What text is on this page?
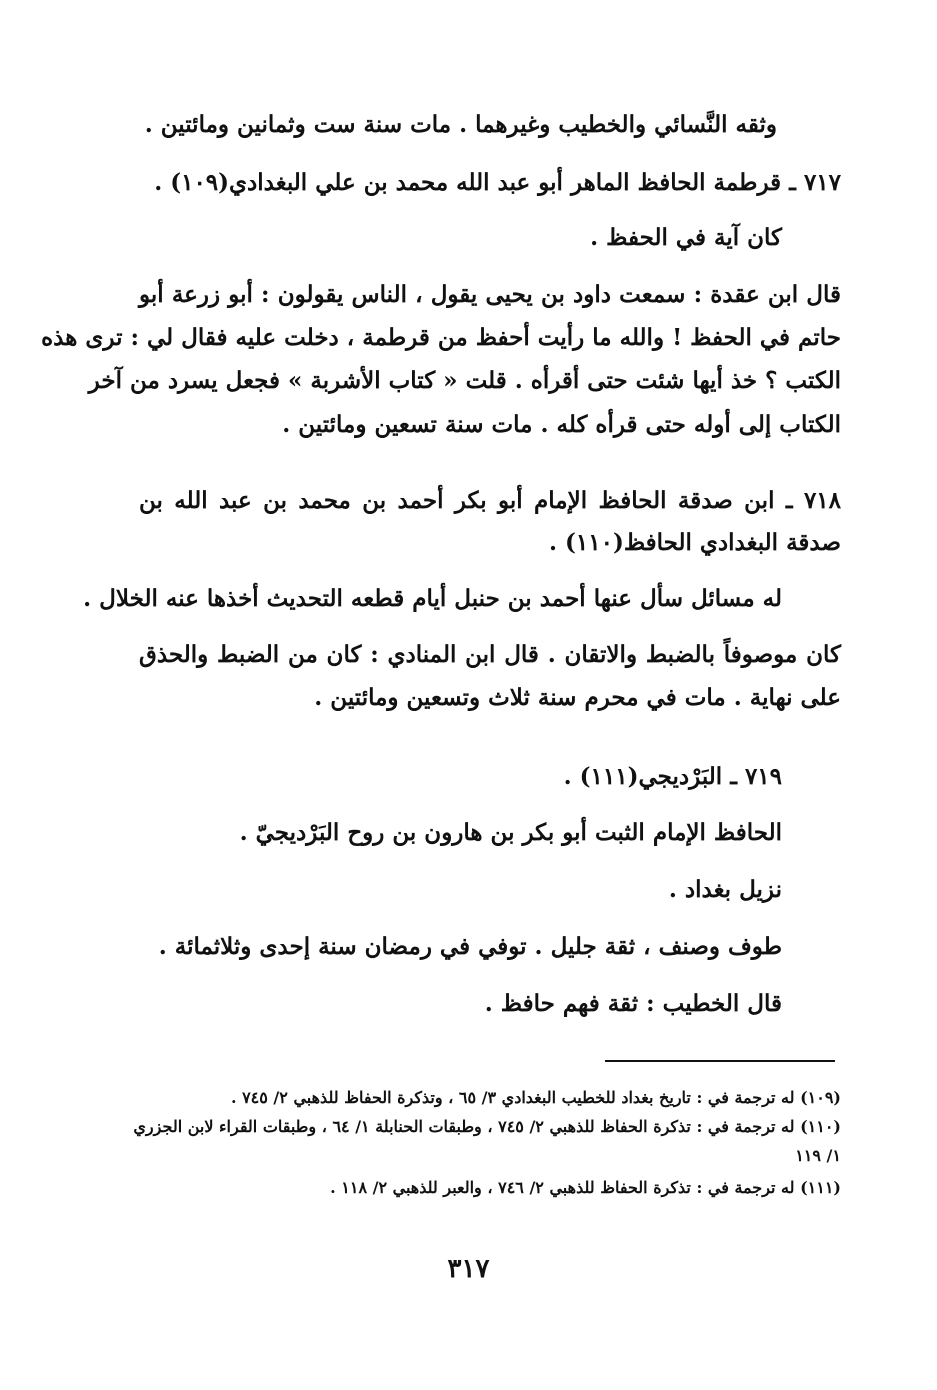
وثقه النَّسائي والخطيب وغيرهما . مات سنة ست وثمانين ومائتين .
٧١٧ ـ قرطمة الحافظ الماهر أبو عبد الله محمد بن علي البغدادي(١٠٩) .
كان آية في الحفظ .
قال ابن عقدة : سمعت داود بن يحيى يقول ، الناس يقولون : أبو زرعة أبو
حاتم في الحفظ ! والله ما رأيت أحفظ من قرطمة ، دخلت عليه فقال لي : ترى هذه
الكتب ؟ خذ أيها شئت حتى أقرأه . قلت « كتاب الأشربة » فجعل يسرد من آخر
الكتاب إلى أوله حتى قرأه كله . مات سنة تسعين ومائتين .
٧١٨ ـ ابن صدقة الحافظ الإمام أبو بكر أحمد بن محمد بن عبد الله بن
صدقة البغدادي الحافظ(١١٠) .
له مسائل سأل عنها أحمد بن حنبل أيام قطعه التحديث أخذها عنه الخلال .
كان موصوفاً بالضبط والاتقان . قال ابن المنادي : كان من الضبط والحذق
على نهاية . مات في محرم سنة ثلاث وتسعين ومائتين .
٧١٩ ـ البَرْديجي(١١١) .
الحافظ الإمام الثبت أبو بكر بن هارون بن روح البَرْديجيّ .
نزيل بغداد .
طوف وصنف ، ثقة جليل . توفي في رمضان سنة إحدى وثلاثمائة .
قال الخطيب : ثقة فهم حافظ .
(١٠٩) له ترجمة في : تاريخ بغداد للخطيب البغدادي ٣/ ٦٥ ، وتذكرة الحفاظ للذهبي ٢/ ٧٤٥ .
(١١٠) له ترجمة في : تذكرة الحفاظ للذهبي ٢/ ٧٤٥ ، وطبقات الحنابلة ١/ ٦٤ ، وطبقات القراء لابن الجزري
١/ ١١٩
(١١١) له ترجمة في : تذكرة الحفاظ للذهبي ٢/ ٧٤٦ ، والعبر للذهبي ٢/ ١١٨ .
٣١٧
